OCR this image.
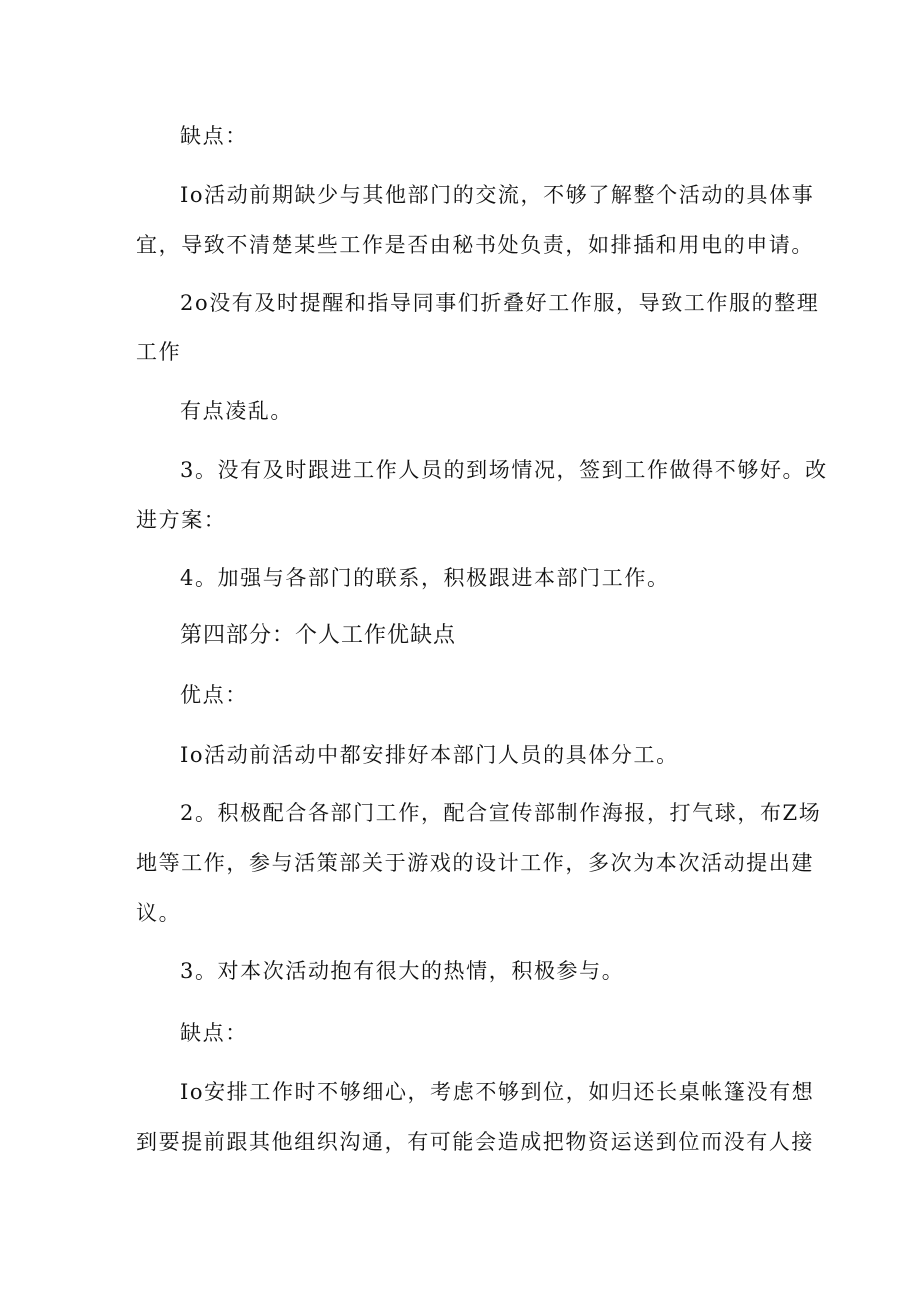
缺点：
Io活动前期缺少与其他部门的交流，不够了解整个活动的具体事
宜，导致不清楚某些工作是否由秘书处负责，如排插和用电的申请。
2o没有及时提醒和指导同事们折叠好工作服，导致工作服的整理
工作
有点凌乱。
3。没有及时跟进工作人员的到场情况，签到工作做得不够好。改
进方案：
4。加强与各部门的联系，积极跟进本部门工作。
第四部分：个人工作优缺点
优点：
Io活动前活动中都安排好本部门人员的具体分工。
2。积极配合各部门工作，配合宣传部制作海报，打气球，布Z场
地等工作，参与活策部关于游戏的设计工作，多次为本次活动提出建
议。
3。对本次活动抱有很大的热情，积极参与。
缺点：
Io安排工作时不够细心，考虑不够到位，如归还长桌帐篷没有想
到要提前跟其他组织沟通，有可能会造成把物资运送到位而没有人接
